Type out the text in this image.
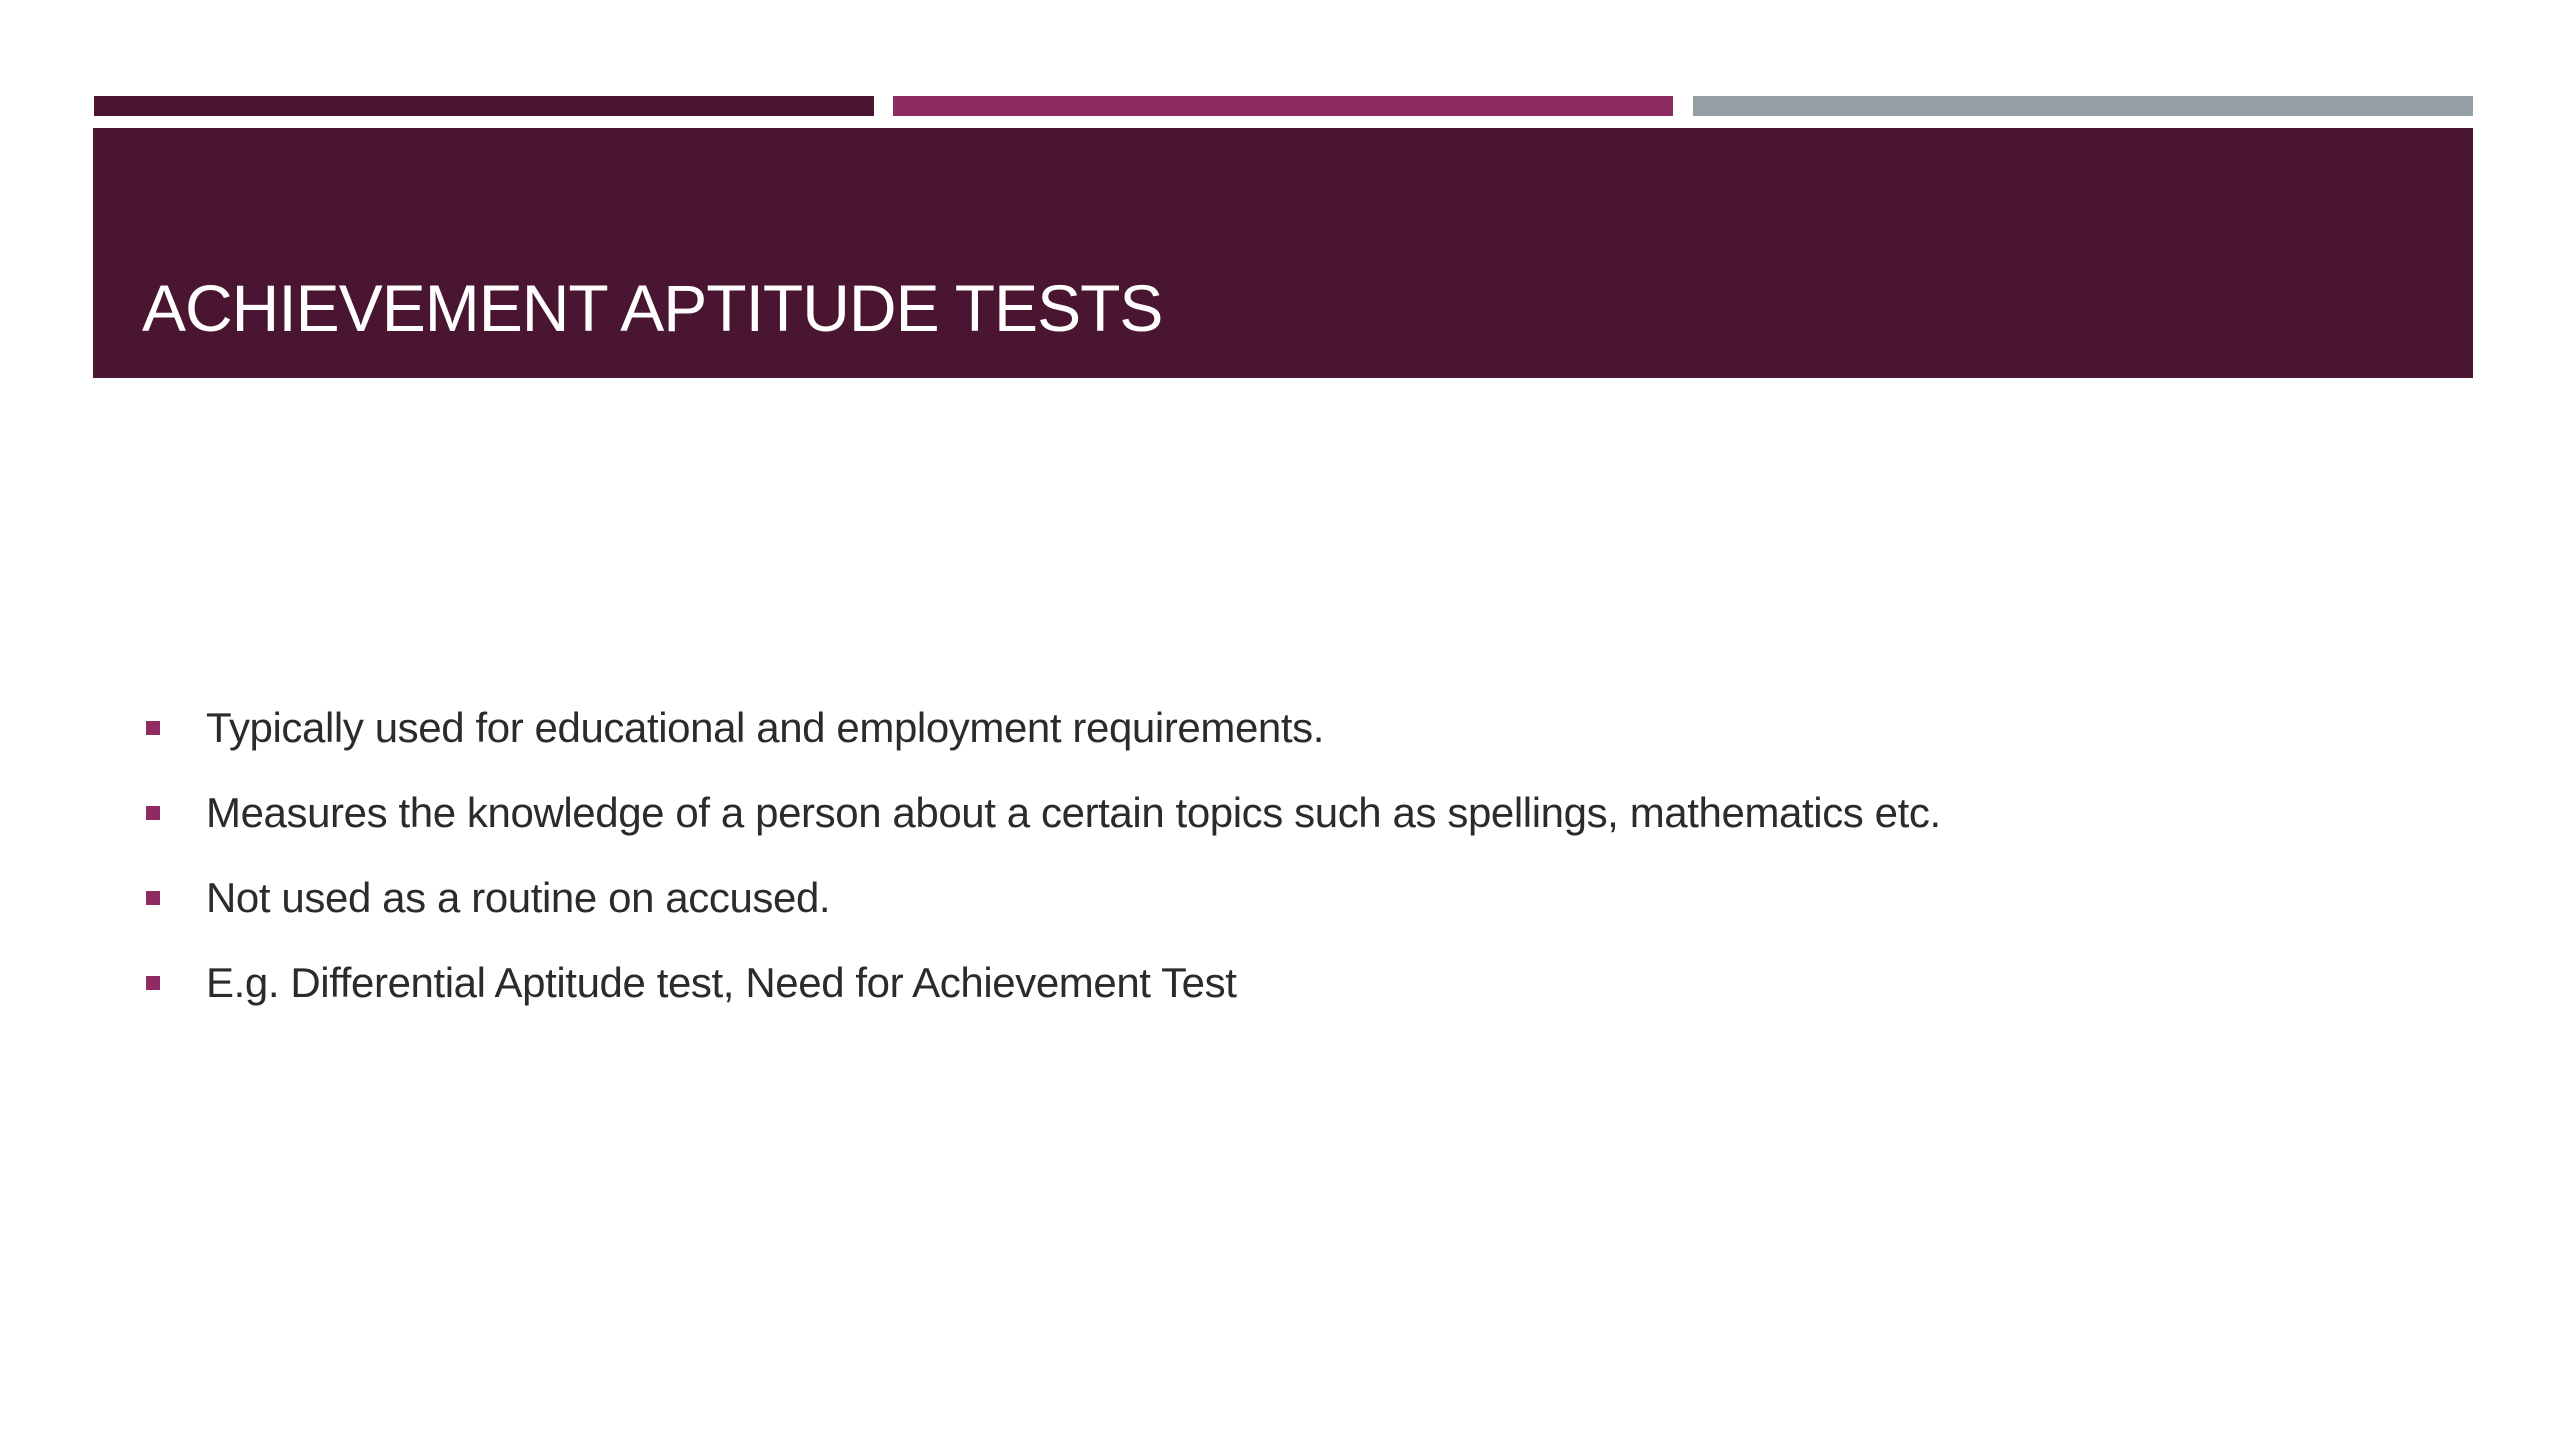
ACHIEVEMENT APTITUDE TESTS
Typically used for educational and employment requirements.
Measures the knowledge of a person about a certain topics such as spellings, mathematics etc.
Not used as a routine on accused.
E.g. Differential Aptitude test, Need for Achievement Test
